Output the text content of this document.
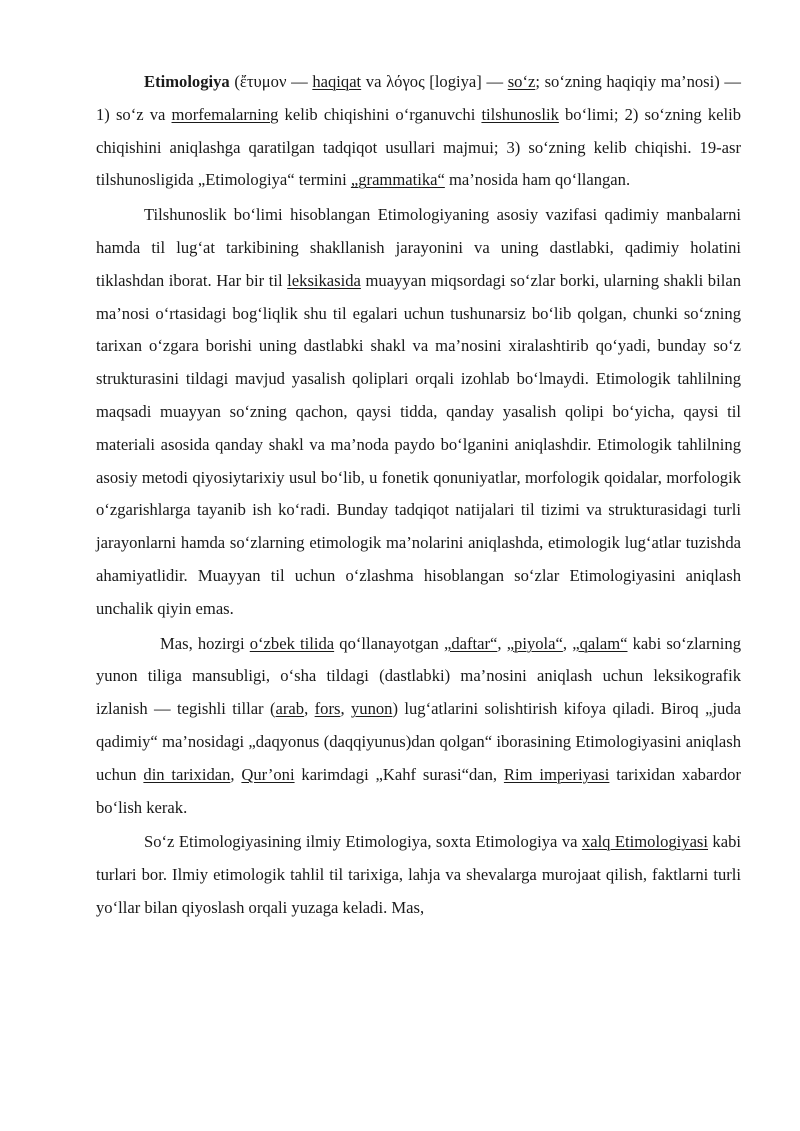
Etimologiya (ἔτυμον — haqiqat va λόγος [logiya] — so‘z; so‘zning haqiqiy ma’nosi) — 1) so‘z va morfemalarning kelib chiqishini o‘rganuvchi tilshunoslik bo‘limi; 2) so‘zning kelib chiqishini aniqlashga qaratilgan tadqiqot usullari majmui; 3) so‘zning kelib chiqishi. 19-asr tilshunosligida „Etimologiya“ termini „grammatika“ ma’nosida ham qo‘llangan.

Tilshunoslik bo‘limi hisoblangan Etimologiyaning asosiy vazifasi qadimiy manbalarni hamda til lug‘at tarkibining shakllanish jarayonini va uning dastlabki, qadimiy holatini tiklashdan iborat. Har bir til leksikasida muayyan miqsordagi so‘zlar borki, ularning shakli bilan ma’nosi o‘rtasidagi bog‘liqlik shu til egalari uchun tushunarsiz bo‘lib qolgan, chunki so‘zning tarixan o‘zgara borishi uning dastlabki shakl va ma’nosini xiralashtirib qo‘yadi, bunday so‘z strukturasini tildagi mavjud yasalish qoliplari orqali izohlab bo‘lmaydi. Etimologik tahlilning maqsadi muayyan so‘zning qachon, qaysi tidda, qanday yasalish qolipi bo‘yicha, qaysi til materiali asosida qanday shakl va ma’noda paydo bo‘lganini aniqlashdir. Etimologik tahlilning asosiy metodi qiyosiytarixiy usul bo‘lib, u fonetik qonuniyatlar, morfologik qoidalar, morfologik o‘zgarishlarga tayanib ish ko‘radi. Bunday tadqiqot natijalari til tizimi va strukturasidagi turli jarayonlarni hamda so‘zlarning etimologik ma’nolarini aniqlashda, etimologik lug‘atlar tuzishda ahamiyatlidir. Muayyan til uchun o‘zlashma hisoblangan so‘zlar Etimologiyasini aniqlash unchalik qiyin emas.

Mas, hozirgi o‘zbek tilida qo‘llanayotgan „daftar“, „piyola“, „qalam“ kabi so‘zlarning yunon tiliga mansubligi, o‘sha tildagi (dastlabki) ma’nosini aniqlash uchun leksikografik izlanish — tegishli tillar (arab, fors, yunon) lug‘atlarini solishtirish kifoya qiladi. Biroq „juda qadimiy“ ma’nosidagi „daqyonus (daqqiyunus)dan qolgan“ iborasining Etimologiyasini aniqlash uchun din tarixidan, Qur’oni karimdagi „Kahf surasi“dan, Rim imperiyasi tarixidan xabardor bo‘lish kerak.

So‘z Etimologiyasining ilmiy Etimologiya, soxta Etimologiya va xalq Etimologiyasi kabi turlari bor. Ilmiy etimologik tahlil til tarixiga, lahja va shevalarga murojaat qilish, faktlarni turli yo‘llar bilan qiyoslash orqali yuzaga keladi. Mas,
